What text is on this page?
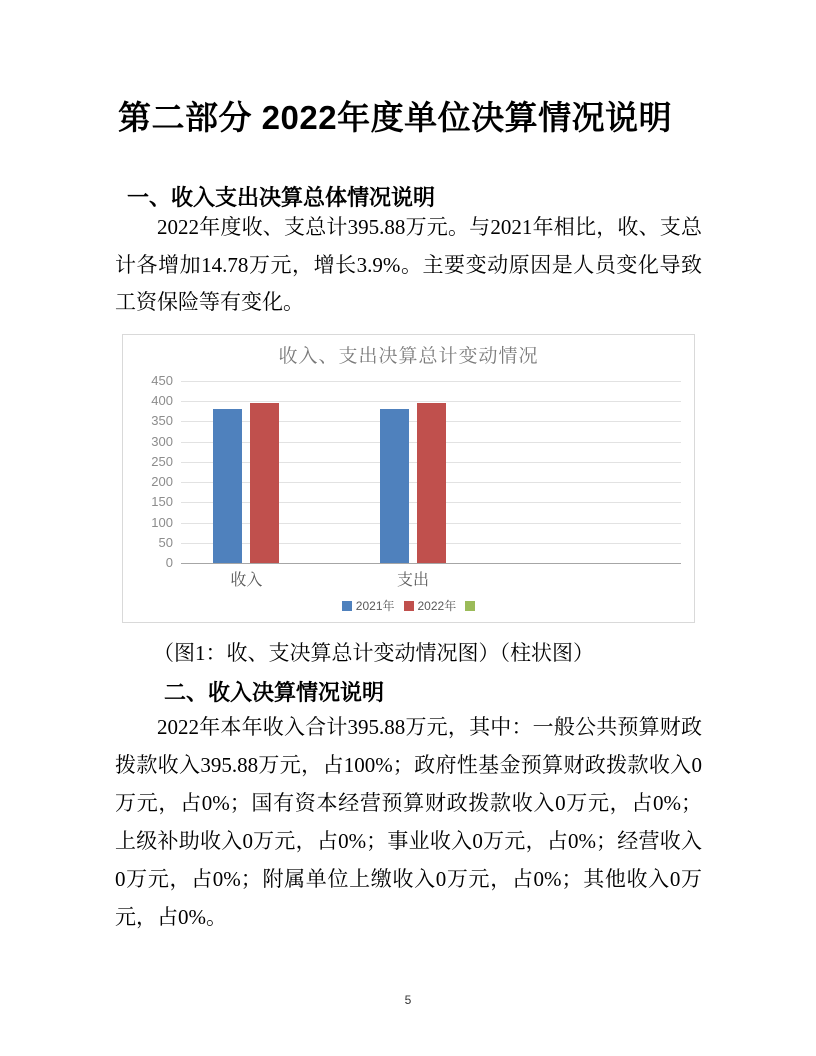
第二部分 2022年度单位决算情况说明
一、收入支出决算总体情况说明

2022年度收、支总计395.88万元。与2021年相比，收、支总计各增加14.78万元，增长3.9%。主要变动原因是人员变化导致工资保险等有变化。

收入、支出决算总计变动情况
2021年 2022年
0
50
100
150
200
250
300
350
400
450
收入	支出

（图1：收、支决算总计变动情况图）（柱状图）

二、收入决算情况说明

2022年本年收入合计395.88万元，其中：一般公共预算财政拨款收入395.88万元，占100%；政府性基金预算财政拨款收入0万元，占0%；国有资本经营预算财政拨款收入0万元，占0%；上级补助收入0万元，占0%；事业收入0万元，占0%；经营收入0万元，占0%；附属单位上缴收入0万元，占0%；其他收入0万元，占0%。

5
